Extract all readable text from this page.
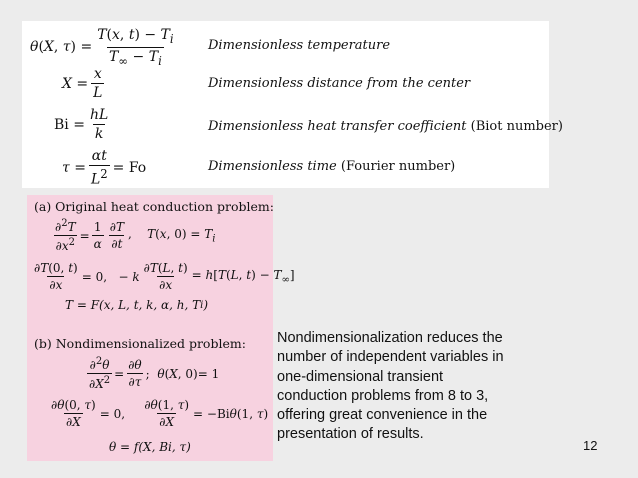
θ(X, $\tau) = \frac{T(x, t) - T_i}{T_\infty - T_i}$ Dimensionless temperature
$X = \frac{x}{L}$	Dimensionless distance from the center
$Bi = \frac{hL}{k}$	Dimensionless heat transfer coefficient (Biot number)
$\tau = \frac{\alpha t}{L^2} = Fo$	Dimensionless time (Fourier number)
(a) Original heat conduction problem:
$\frac{\partial^2T}{\partial x^2} = \frac{1}{\alpha} \frac{\partial T}{\partial t}$ ,    T(x, $0) = T_i$
$\frac{\partial T(0, t)}{\partial x} = 0$,   − k $\frac{\partial T(L, t)}{\partial x} = h[T(L$, $t) - T_\infty$]
T = F(x, L, t, k, α, h, T i )
(b) Nondimensionalized problem:
$\frac{\partial^2\theta}{\partial X^2} = \frac{\partial\theta}{\partial\tau}$ ;  θ(X, 0)= 1
$\frac{\partial\theta(0, \tau)}{\partial X} = 0$, $\frac{\partial\theta(1, \tau)}{\partial X} = -Bi\theta(1$, τ)
θ = f(X, Bi, τ)
Nondimensionalization reduces the number of independent variables in one-dimensional transient conduction problems from 8 to 3, offering great convenience in the presentation of results.
12
